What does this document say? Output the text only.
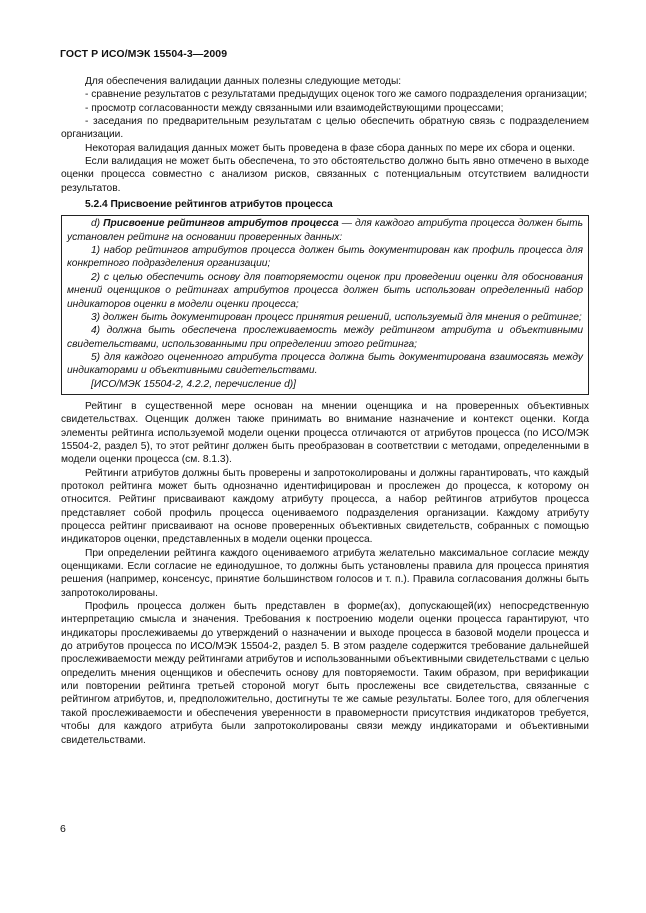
ГОСТ Р ИСО/МЭК 15504-3—2009

Для обеспечения валидации данных полезны следующие методы:

- сравнение результатов с результатами предыдущих оценок того же самого подразделения организации;

- просмотр согласованности между связанными или взаимодействующими процессами;

- заседания по предварительным результатам с целью обеспечить обратную связь с подразделением организации.

Некоторая валидация данных может быть проведена в фазе сбора данных по мере их сбора и оценки.

Если валидация не может быть обеспечена, то это обстоятельство должно быть явно отмечено в выходе оценки процесса совместно с анализом рисков, связанных с потенциальным отсутствием валидности результатов.

5.2.4 Присвоение рейтингов атрибутов процесса

d) Присвоение рейтингов атрибутов процесса — для каждого атрибута процесса должен быть установлен рейтинг на основании проверенных данных:

1) набор рейтингов атрибутов процесса должен быть документирован как профиль процесса для конкретного подразделения организации;

2) с целью обеспечить основу для повторяемости оценок при проведении оценки для обоснования мнений оценщиков о рейтингах атрибутов процесса должен быть использован определенный набор индикаторов оценки в модели оценки процесса;

3) должен быть документирован процесс принятия решений, используемый для мнения о рейтинге;

4) должна быть обеспечена прослеживаемость между рейтингом атрибута и объективными свидетельствами, использованными при определении этого рейтинга;

5) для каждого оцененного атрибута процесса должна быть документирована взаимосвязь между индикаторами и объективными свидетельствами.

[ИСО/МЭК 15504-2, 4.2.2, перечисление d)]

Рейтинг в существенной мере основан на мнении оценщика и на проверенных объективных свидетельствах. Оценщик должен также принимать во внимание назначение и контекст оценки. Когда элементы рейтинга используемой модели оценки процесса отличаются от атрибутов процесса (по ИСО/МЭК 15504-2, раздел 5), то этот рейтинг должен быть преобразован в соответствии с методами, определенными в модели оценки процесса (см. 8.1.3).

Рейтинги атрибутов должны быть проверены и запротоколированы и должны гарантировать, что каждый протокол рейтинга может быть однозначно идентифицирован и прослежен до процесса, к которому он относится. Рейтинг присваивают каждому атрибуту процесса, а набор рейтингов атрибутов процесса представляет собой профиль процесса оцениваемого подразделения организации. Каждому атрибуту процесса рейтинг присваивают на основе проверенных объективных свидетельств, собранных с помощью индикаторов оценки, представленных в модели оценки процесса.

При определении рейтинга каждого оцениваемого атрибута желательно максимальное согласие между оценщиками. Если согласие не единодушное, то должны быть установлены правила для процесса принятия решения (например, консенсус, принятие большинством голосов и т. п.). Правила согласования должны быть запротоколированы.

Профиль процесса должен быть представлен в форме(ах), допускающей(их) непосредственную интерпретацию смысла и значения. Требования к построению модели оценки процесса гарантируют, что индикаторы прослеживаемы до утверждений о назначении и выходе процесса в базовой модели процесса и до атрибутов процесса по ИСО/МЭК 15504-2, раздел 5. В этом разделе содержится требование дальнейшей прослеживаемости между рейтингами атрибутов и использованными объективными свидетельствами с целью определить мнения оценщиков и обеспечить основу для повторяемости. Таким образом, при верификации или повторении рейтинга третьей стороной могут быть прослежены все свидетельства, связанные с рейтингом атрибутов, и, предположительно, достигнуты те же самые результаты. Более того, для облегчения такой прослеживаемости и обеспечения уверенности в правомерности присутствия индикаторов требуется, чтобы для каждого атрибута были запротоколированы связи между индикаторами и объективными свидетельствами.

6
